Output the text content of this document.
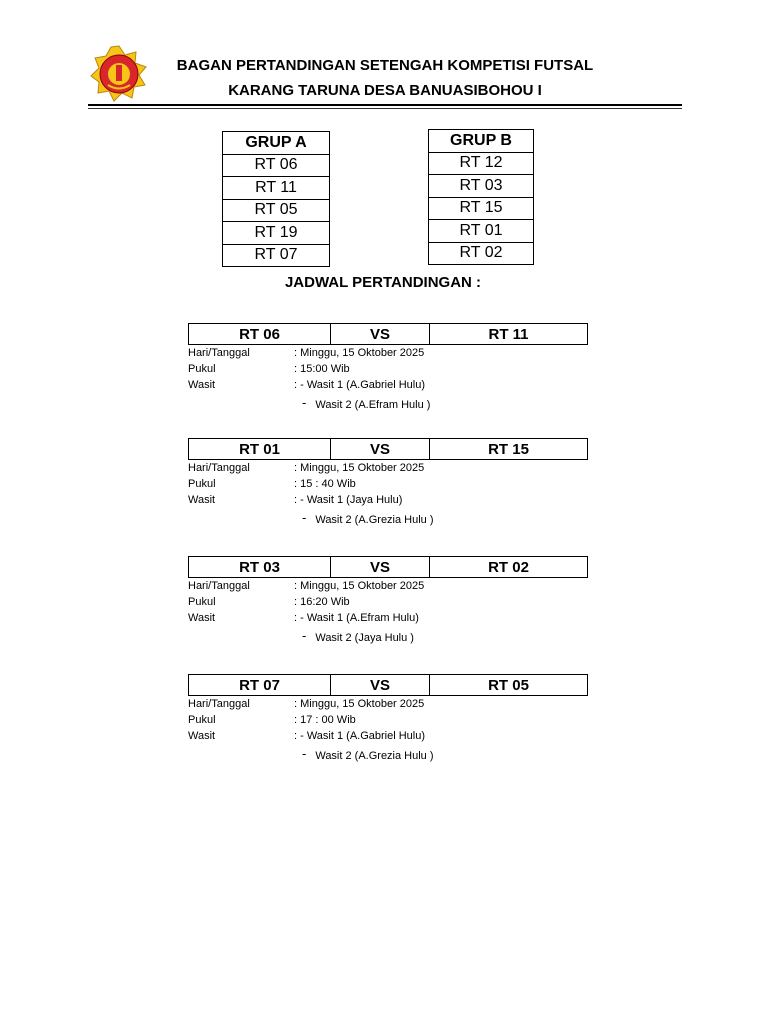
BAGAN PERTANDINGAN SETENGAH KOMPETISI FUTSAL
KARANG TARUNA DESA BANUASIBOHOU I
GRUP A
RT 06
RT 11
RT 05
RT 19
RT 07
GRUP B
RT 12
RT 03
RT 15
RT 01
RT 02
JADWAL PERTANDINGAN :
RT 06	VS	RT 11
Hari/Tanggal	: Minggu, 15 Oktober 2025
Pukul	: 15:00 Wib
Wasit	: - Wasit 1 (A.Gabriel Hulu)
- Wasit 2 (A.Efram Hulu )
RT 01	VS	RT 15
Hari/Tanggal	: Minggu, 15 Oktober 2025
Pukul	: 15 : 40 Wib
Wasit	: - Wasit 1 (Jaya Hulu)
- Wasit 2 (A.Grezia Hulu )
RT 03	VS	RT 02
Hari/Tanggal	: Minggu, 15 Oktober 2025
Pukul	: 16:20 Wib
Wasit	: - Wasit 1 (A.Efram Hulu)
- Wasit 2 (Jaya Hulu )
RT 07	VS	RT 05
Hari/Tanggal	: Minggu, 15 Oktober 2025
Pukul	: 17 : 00 Wib
Wasit	: - Wasit 1 (A.Gabriel Hulu)
- Wasit 2 (A.Grezia Hulu )
